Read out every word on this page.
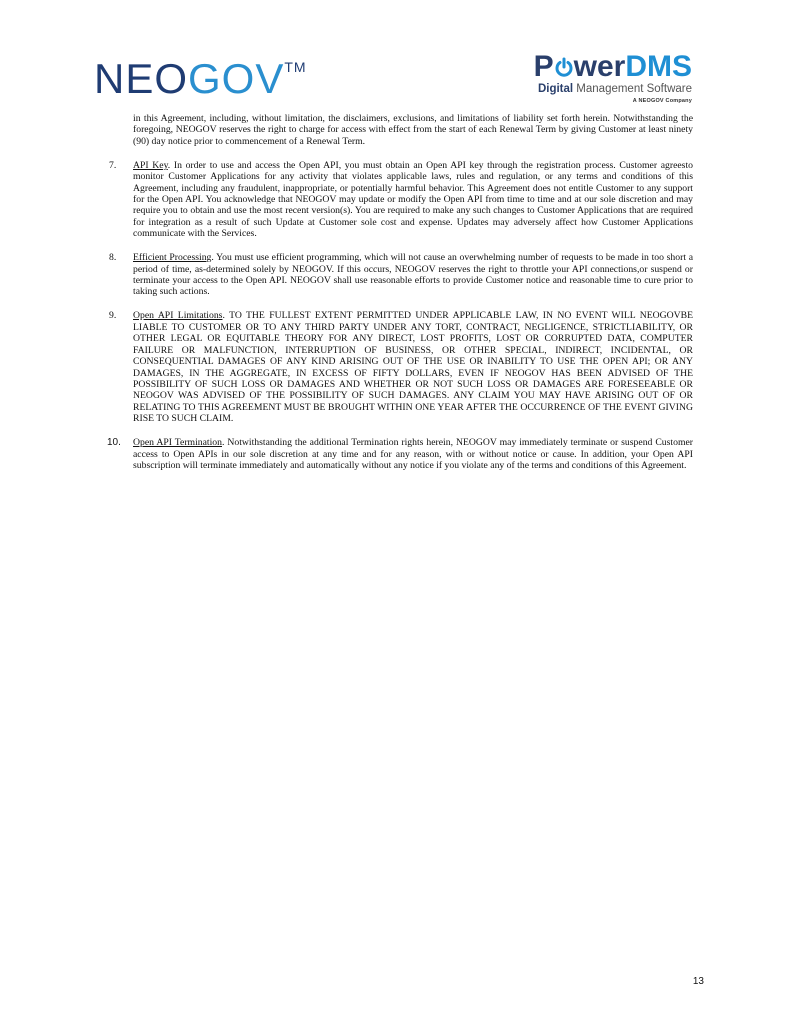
NEOGOV™	P werDMS
Digital Management Software
A NEOGOV Company

in this Agreement, including, without limitation, the disclaimers, exclusions, and limitations of liability set forth herein. Notwithstanding the foregoing, NEOGOV reserves the right to charge for access with effect from the start of each Renewal Term by giving Customer at least ninety (90) day notice prior to commencement of a Renewal Term.

7. API Key. In order to use and access the Open API, you must obtain an Open API key through the registration process. Customer agreesto monitor Customer Applications for any activity that violates applicable laws, rules and regulation, or any terms and conditions of this Agreement, including any fraudulent, inappropriate, or potentially harmful behavior. This Agreement does not entitle Customer to any support for the Open API. You acknowledge that NEOGOV may update or modify the Open API from time to time and at our sole discretion and may require you to obtain and use the most recent version(s). You are required to make any such changes to Customer Applications that are required for integration as a result of such Update at Customer sole cost and expense. Updates may adversely affect how Customer Applications communicate with the Services.

8. Efficient Processing. You must use efficient programming, which will not cause an overwhelming number of requests to be made in too short a period of time, as-determined solely by NEOGOV. If this occurs, NEOGOV reserves the right to throttle your API connections,or suspend or terminate your access to the Open API. NEOGOV shall use reasonable efforts to provide Customer notice and reasonable time to cure prior to taking such actions.

9. Open API Limitations. TO THE FULLEST EXTENT PERMITTED UNDER APPLICABLE LAW, IN NO EVENT WILL NEOGOVBE LIABLE TO CUSTOMER OR TO ANY THIRD PARTY UNDER ANY TORT, CONTRACT, NEGLIGENCE, STRICTLIABILITY, OR OTHER LEGAL OR EQUITABLE THEORY FOR ANY DIRECT, LOST PROFITS, LOST OR CORRUPTED DATA, COMPUTER FAILURE OR MALFUNCTION, INTERRUPTION OF BUSINESS, OR OTHER SPECIAL, INDIRECT, INCIDENTAL, OR CONSEQUENTIAL DAMAGES OF ANY KIND ARISING OUT OF THE USE OR INABILITY TO USE THE OPEN API; OR ANY DAMAGES, IN THE AGGREGATE, IN EXCESS OF FIFTY DOLLARS, EVEN IF NEOGOV HAS BEEN ADVISED OF THE POSSIBILITY OF SUCH LOSS OR DAMAGES AND WHETHER OR NOT SUCH LOSS OR DAMAGES ARE FORESEEABLE OR NEOGOV WAS ADVISED OF THE POSSIBILITY OF SUCH DAMAGES. ANY CLAIM YOU MAY HAVE ARISING OUT OF OR RELATING TO THIS AGREEMENT MUST BE BROUGHT WITHIN ONE YEAR AFTER THE OCCURRENCE OF THE EVENT GIVING RISE TO SUCH CLAIM.

10. Open API Termination. Notwithstanding the additional Termination rights herein, NEOGOV may immediately terminate or suspend Customer access to Open APIs in our sole discretion at any time and for any reason, with or without notice or cause. In addition, your Open API subscription will terminate immediately and automatically without any notice if you violate any of the terms and conditions of this Agreement.

13
